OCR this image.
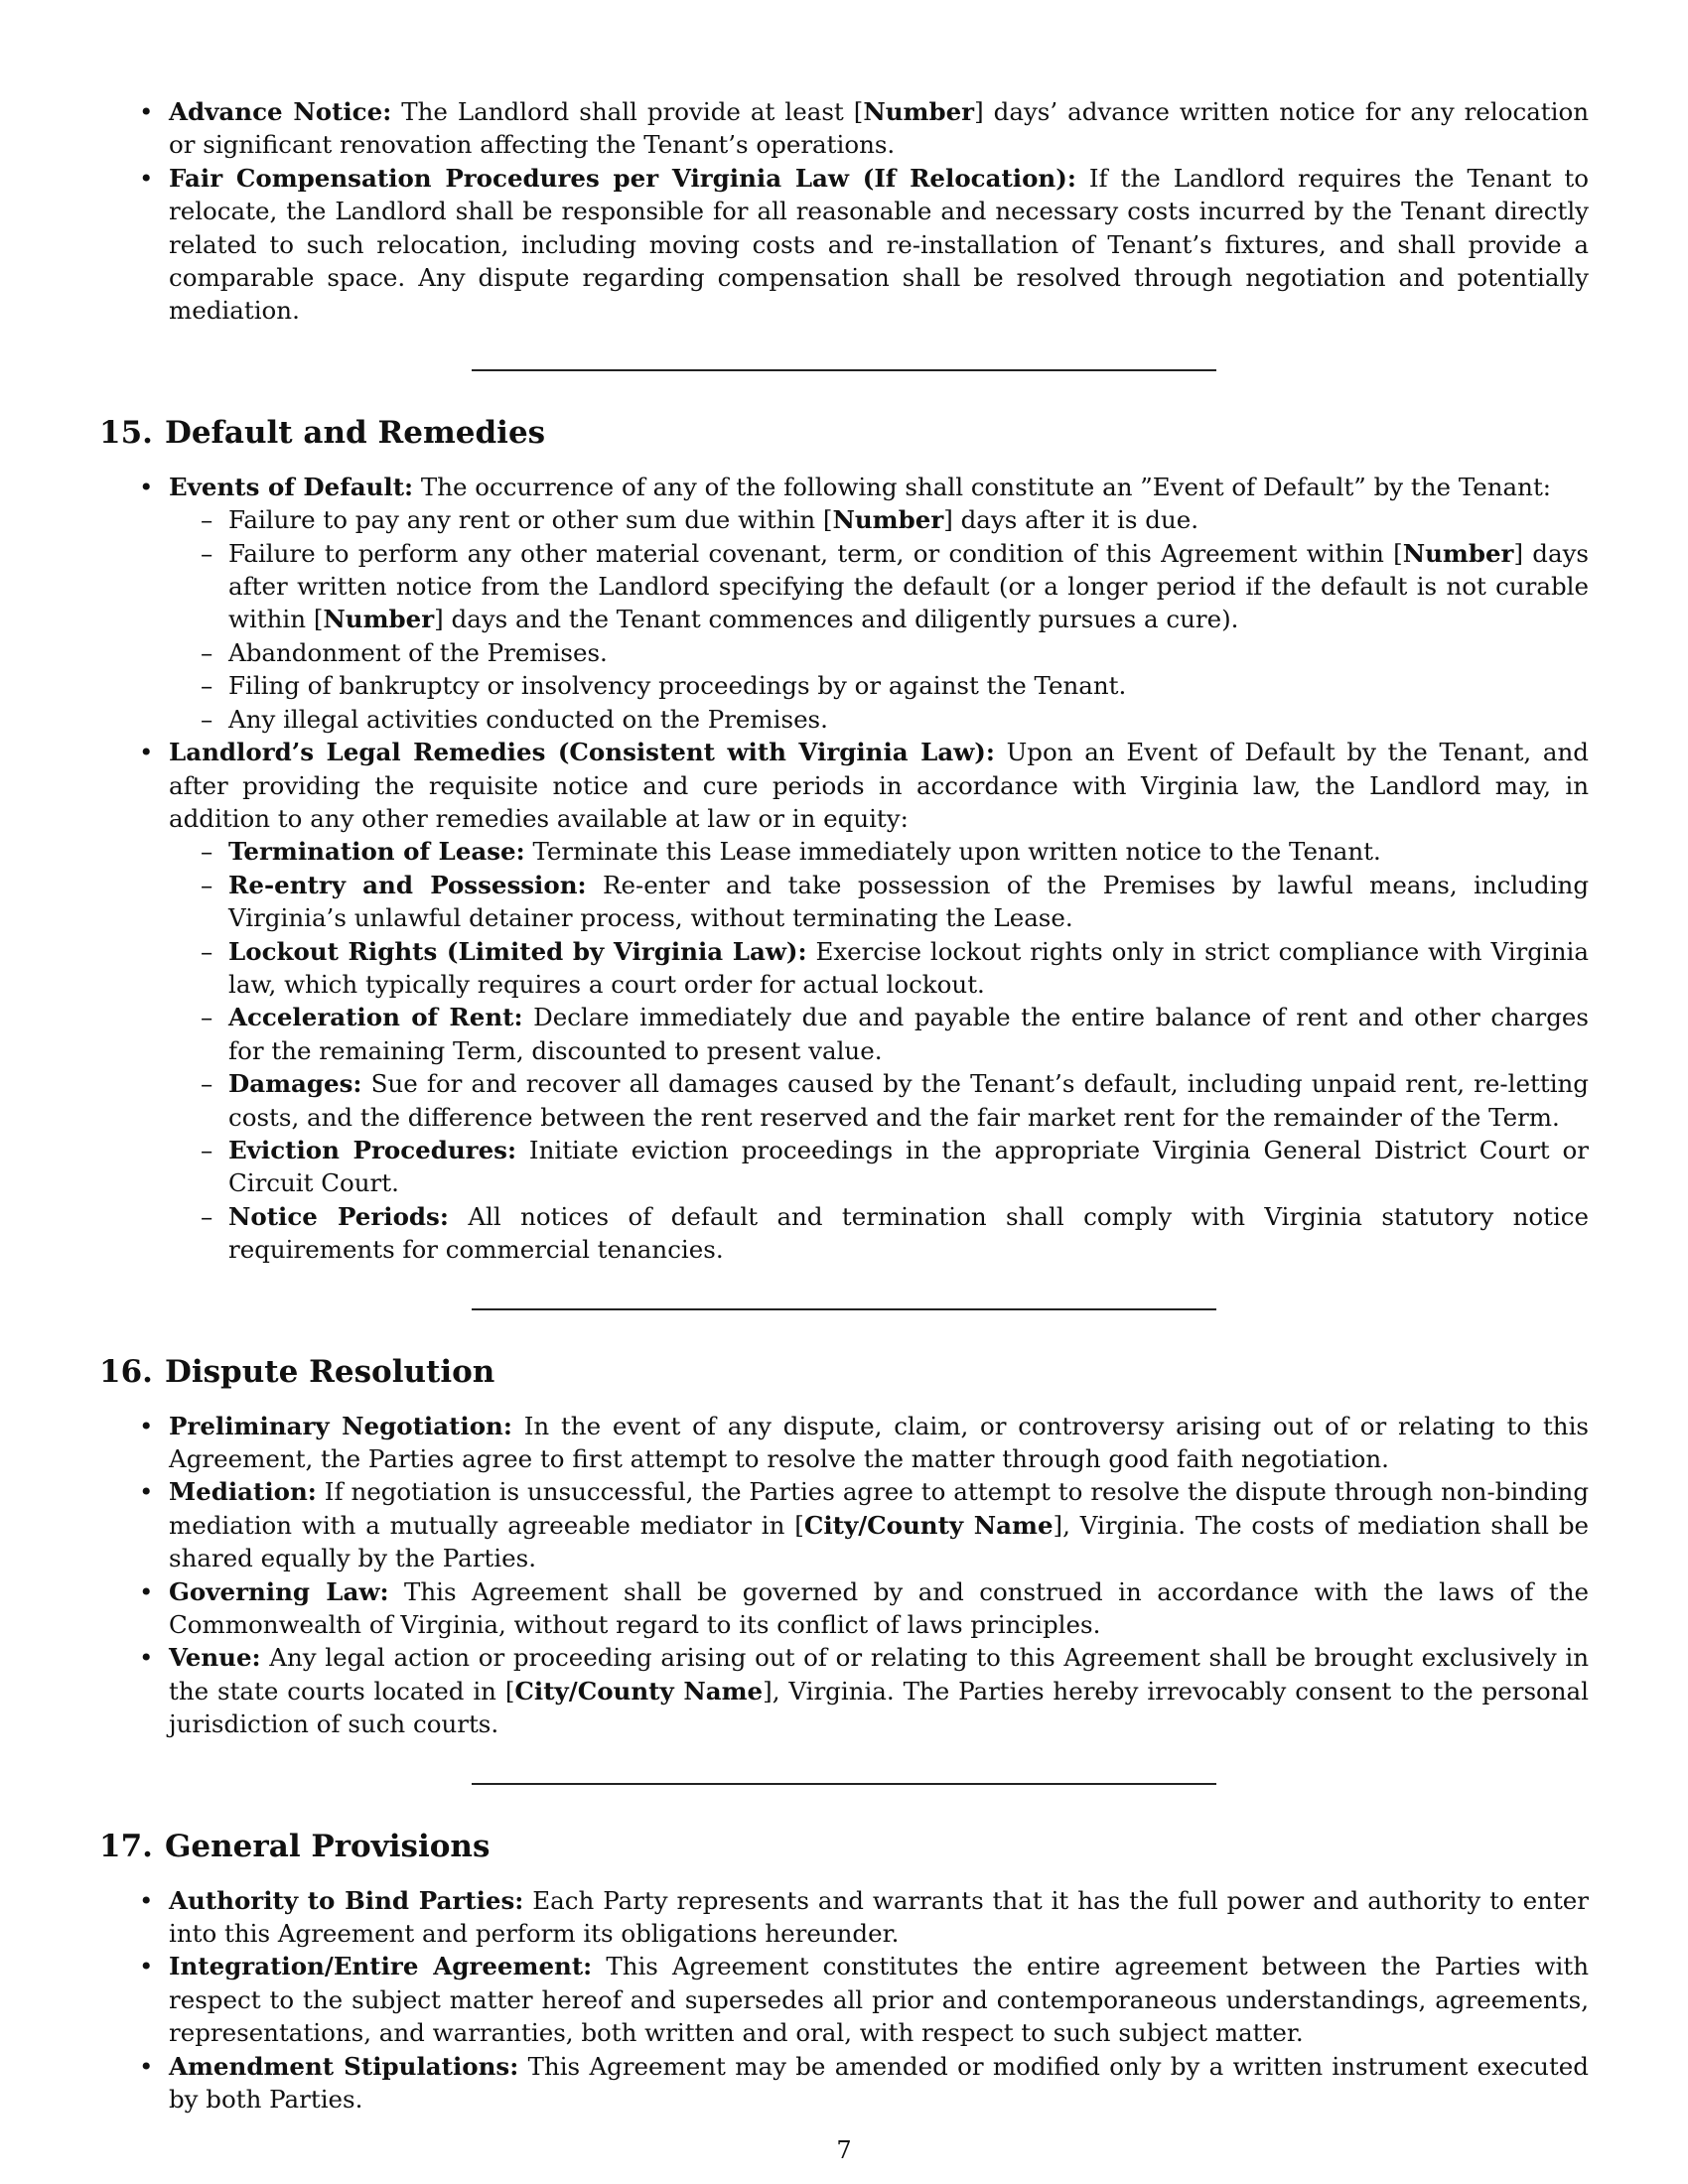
• Advance Notice: The Landlord shall provide at least [Number] days’ advance written notice for any relocation or significant renovation affecting the Tenant’s operations.
• Fair Compensation Procedures per Virginia Law (If Relocation): If the Landlord requires the Tenant to relocate, the Landlord shall be responsible for all reasonable and necessary costs incurred by the Tenant directly related to such relocation, including moving costs and re-installation of Tenant’s fixtures, and shall provide a comparable space. Any dispute regarding compensation shall be resolved through negotiation and potentially mediation.
15. Default and Remedies
• Events of Default: The occurrence of any of the following shall constitute an ”Event of Default” by the Tenant:
– Failure to pay any rent or other sum due within [Number] days after it is due.
– Failure to perform any other material covenant, term, or condition of this Agreement within [Number] days after written notice from the Landlord specifying the default (or a longer period if the default is not curable within [Number] days and the Tenant commences and diligently pursues a cure).
– Abandonment of the Premises.
– Filing of bankruptcy or insolvency proceedings by or against the Tenant.
– Any illegal activities conducted on the Premises.
• Landlord’s Legal Remedies (Consistent with Virginia Law): Upon an Event of Default by the Tenant, and after providing the requisite notice and cure periods in accordance with Virginia law, the Landlord may, in addition to any other remedies available at law or in equity:
– Termination of Lease: Terminate this Lease immediately upon written notice to the Tenant.
– Re-entry and Possession: Re-enter and take possession of the Premises by lawful means, including Virginia’s unlawful detainer process, without terminating the Lease.
– Lockout Rights (Limited by Virginia Law): Exercise lockout rights only in strict compliance with Virginia law, which typically requires a court order for actual lockout.
– Acceleration of Rent: Declare immediately due and payable the entire balance of rent and other charges for the remaining Term, discounted to present value.
– Damages: Sue for and recover all damages caused by the Tenant’s default, including unpaid rent, re-letting costs, and the difference between the rent reserved and the fair market rent for the remainder of the Term.
– Eviction Procedures: Initiate eviction proceedings in the appropriate Virginia General District Court or Circuit Court.
– Notice Periods: All notices of default and termination shall comply with Virginia statutory notice requirements for commercial tenancies.
16. Dispute Resolution
• Preliminary Negotiation: In the event of any dispute, claim, or controversy arising out of or relating to this Agreement, the Parties agree to first attempt to resolve the matter through good faith negotiation.
• Mediation: If negotiation is unsuccessful, the Parties agree to attempt to resolve the dispute through non-binding mediation with a mutually agreeable mediator in [City/County Name], Virginia. The costs of mediation shall be shared equally by the Parties.
• Governing Law: This Agreement shall be governed by and construed in accordance with the laws of the Commonwealth of Virginia, without regard to its conflict of laws principles.
• Venue: Any legal action or proceeding arising out of or relating to this Agreement shall be brought exclusively in the state courts located in [City/County Name], Virginia. The Parties hereby irrevocably consent to the personal jurisdiction of such courts.
17. General Provisions
• Authority to Bind Parties: Each Party represents and warrants that it has the full power and authority to enter into this Agreement and perform its obligations hereunder.
• Integration/Entire Agreement: This Agreement constitutes the entire agreement between the Parties with respect to the subject matter hereof and supersedes all prior and contemporaneous understandings, agreements, representations, and warranties, both written and oral, with respect to such subject matter.
• Amendment Stipulations: This Agreement may be amended or modified only by a written instrument executed by both Parties.
7
